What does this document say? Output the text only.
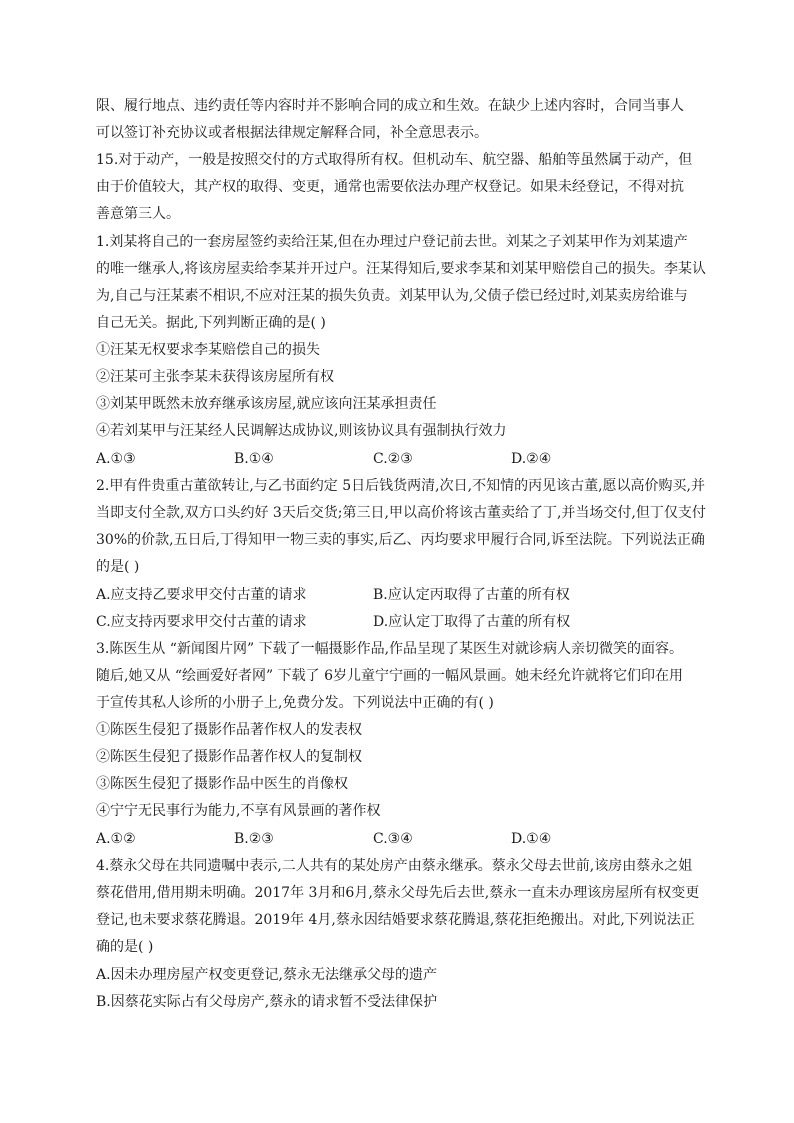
限、履行地点、违约责任等内容时并不影响合同的成立和生效。在缺少上述内容时，合同当事人
可以签订补充协议或者根据法律规定解释合同，补全意思表示。
15.对于动产，一般是按照交付的方式取得所有权。但机动车、航空器、船舶等虽然属于动产，但
由于价值较大，其产权的取得、变更，通常也需要依法办理产权登记。如果未经登记，不得对抗
善意第三人。
1.刘某将自己的一套房屋签约卖给汪某,但在办理过户登记前去世。刘某之子刘某甲作为刘某遗产
的唯一继承人,将该房屋卖给李某并开过户。汪某得知后,要求李某和刘某甲赔偿自己的损失。李某认
为,自己与汪某素不相识,不应对汪某的损失负责。刘某甲认为,父债子偿已经过时,刘某卖房给谁与
自己无关。据此,下列判断正确的是( )
①汪某无权要求李某赔偿自己的损失
②汪某可主张李某未获得该房屋所有权
③刘某甲既然未放弃继承该房屋,就应该向汪某承担责任
④若刘某甲与汪某经人民调解达成协议,则该协议具有强制执行效力
A.①③	B.①④	C.②③	D.②④
2.甲有件贵重古董欲转让,与乙书面约定 5日后钱货两清,次日,不知情的丙见该古董,愿以高价购买,并
当即支付全款,双方口头约好 3天后交货;第三日,甲以高价将该古董卖给了丁,并当场交付,但丁仅支付
30%的价款,五日后,丁得知甲一物三卖的事实,后乙、丙均要求甲履行合同,诉至法院。下列说法正确
的是( )
A.应支持乙要求甲交付古董的请求	B.应认定丙取得了古董的所有权
C.应支持丙要求甲交付古董的请求	D.应认定丁取得了古董的所有权
3.陈医生从 “新闻图片网” 下载了一幅摄影作品,作品呈现了某医生对就诊病人亲切微笑的面容。
随后,她又从 “绘画爱好者网” 下载了 6岁儿童宁宁画的一幅风景画。她未经允许就将它们印在用
于宣传其私人诊所的小册子上,免费分发。下列说法中正确的有( )
①陈医生侵犯了摄影作品著作权人的发表权
②陈医生侵犯了摄影作品著作权人的复制权
③陈医生侵犯了摄影作品中医生的肖像权
④宁宁无民事行为能力,不享有风景画的著作权
A.①②	B.②③	C.③④	D.①④
4.蔡永父母在共同遗嘱中表示,二人共有的某处房产由蔡永继承。蔡永父母去世前,该房由蔡永之姐
蔡花借用,借用期未明确。2017年 3月和6月,蔡永父母先后去世,蔡永一直未办理该房屋所有权变更
登记,也未要求蔡花腾退。2019年 4月,蔡永因结婚要求蔡花腾退,蔡花拒绝搬出。对此,下列说法正
确的是( )
A.因未办理房屋产权变更登记,蔡永无法继承父母的遗产
B.因蔡花实际占有父母房产,蔡永的请求暂不受法律保护
